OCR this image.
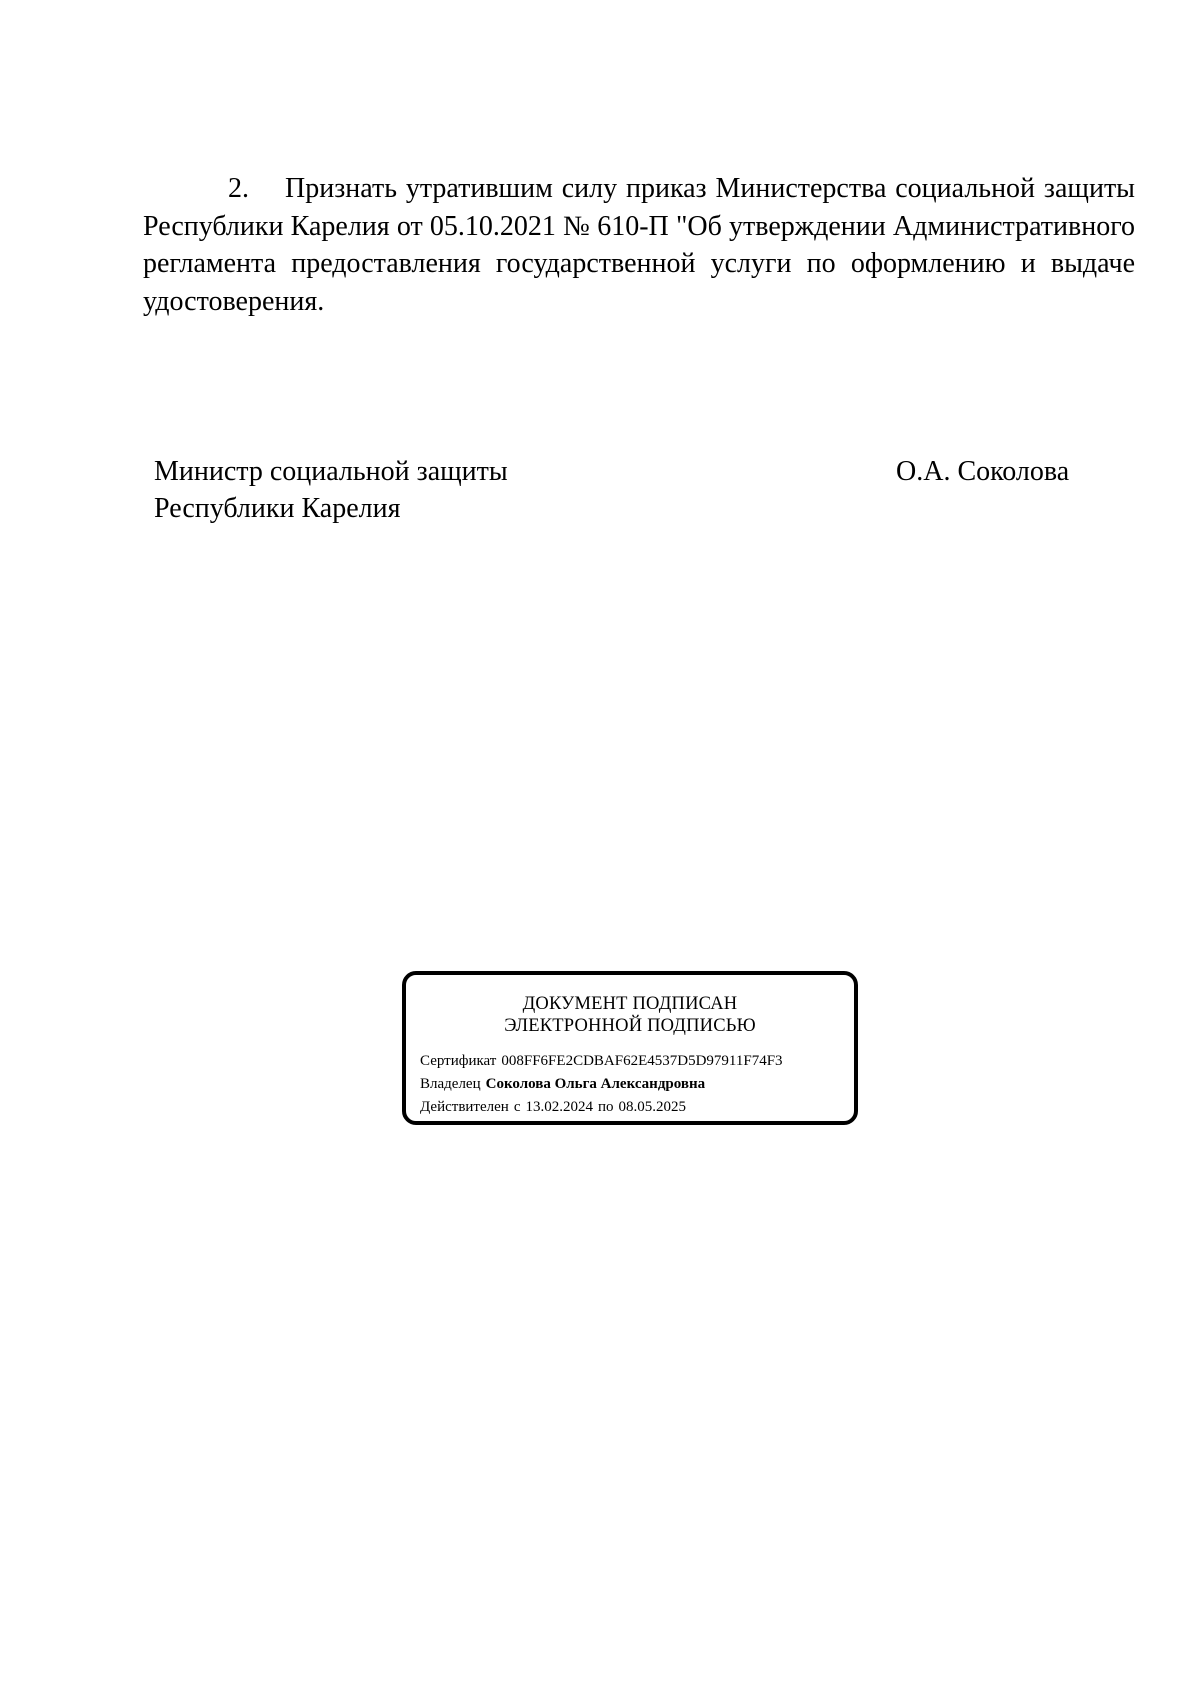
2. Признать утратившим силу приказ Министерства социальной защиты Республики Карелия от 05.10.2021 № 610-П "Об утверждении Административного регламента предоставления государственной услуги по оформлению и выдаче удостоверения.

Министр социальной защиты
Республики Карелия
О.А. Соколова
ДОКУМЕНТ ПОДПИСАН
ЭЛЕКТРОННОЙ ПОДПИСЬЮ
Сертификат 008FF6FE2CDBAF62E4537D5D97911F74F3
Владелец Соколова Ольга Александровна
Действителен с 13.02.2024 по 08.05.2025
